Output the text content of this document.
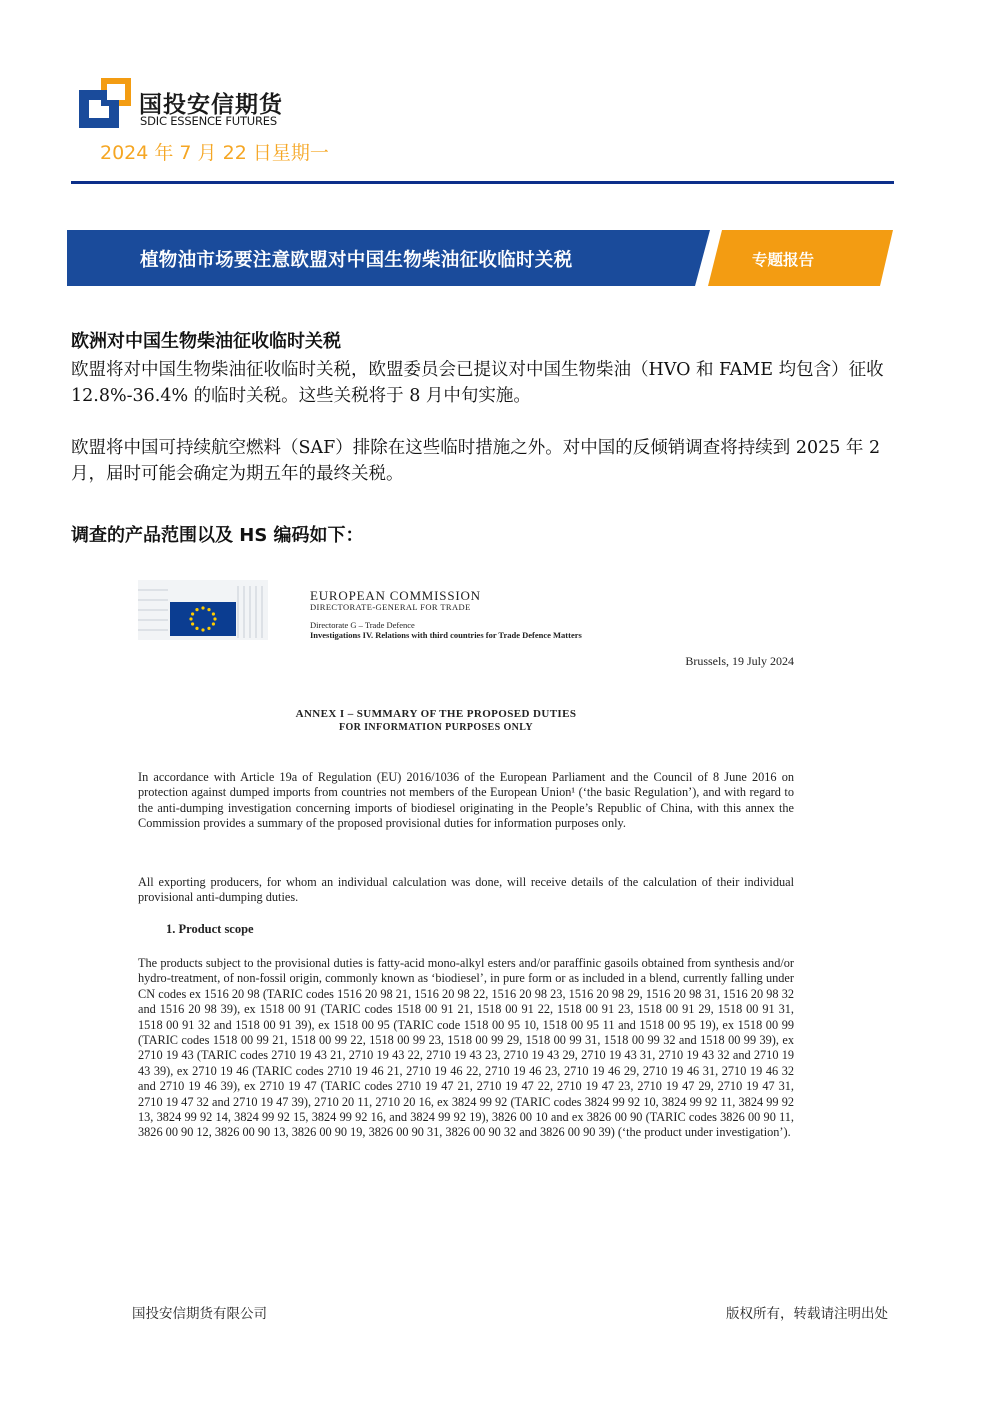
国投安信期货
SDIC ESSENCE FUTURES
2024 年 7 月 22 日星期一
植物油市场要注意欧盟对中国生物柴油征收临时关税	专题报告
欧洲对中国生物柴油征收临时关税
欧盟将对中国生物柴油征收临时关税，欧盟委员会已提议对中国生物柴油（HVO 和 FAME 均包含）征收 12.8%-36.4% 的临时关税。这些关税将于 8 月中旬实施。
欧盟将中国可持续航空燃料（SAF）排除在这些临时措施之外。对中国的反倾销调查将持续到 2025 年 2 月，届时可能会确定为期五年的最终关税。
调查的产品范围以及 HS 编码如下：
EUROPEAN COMMISSION
DIRECTORATE-GENERAL FOR TRADE
Directorate G – Trade Defence
Investigations IV. Relations with third countries for Trade Defence Matters
Brussels, 19 July 2024
ANNEX I – SUMMARY OF THE PROPOSED DUTIES
FOR INFORMATION PURPOSES ONLY
In accordance with Article 19a of Regulation (EU) 2016/1036 of the European Parliament and the Council of 8 June 2016 on protection against dumped imports from countries not members of the European Union¹ (‘the basic Regulation’), and with regard to the anti-dumping investigation concerning imports of biodiesel originating in the People’s Republic of China, with this annex the Commission provides a summary of the proposed provisional duties for information purposes only.
All exporting producers, for whom an individual calculation was done, will receive details of the calculation of their individual provisional anti-dumping duties.
1. Product scope
The products subject to the provisional duties is fatty-acid mono-alkyl esters and/or paraffinic gasoils obtained from synthesis and/or hydro-treatment, of non-fossil origin, commonly known as ‘biodiesel’, in pure form or as included in a blend, currently falling under CN codes ex 1516 20 98 (TARIC codes 1516 20 98 21, 1516 20 98 22, 1516 20 98 23, 1516 20 98 29, 1516 20 98 31, 1516 20 98 32 and 1516 20 98 39), ex 1518 00 91 (TARIC codes 1518 00 91 21, 1518 00 91 22, 1518 00 91 23, 1518 00 91 29, 1518 00 91 31, 1518 00 91 32 and 1518 00 91 39), ex 1518 00 95 (TARIC code 1518 00 95 10, 1518 00 95 11 and 1518 00 95 19), ex 1518 00 99 (TARIC codes 1518 00 99 21, 1518 00 99 22, 1518 00 99 23, 1518 00 99 29, 1518 00 99 31, 1518 00 99 32 and 1518 00 99 39), ex 2710 19 43 (TARIC codes 2710 19 43 21, 2710 19 43 22, 2710 19 43 23, 2710 19 43 29, 2710 19 43 31, 2710 19 43 32 and 2710 19 43 39), ex 2710 19 46 (TARIC codes 2710 19 46 21, 2710 19 46 22, 2710 19 46 23, 2710 19 46 29, 2710 19 46 31, 2710 19 46 32 and 2710 19 46 39), ex 2710 19 47 (TARIC codes 2710 19 47 21, 2710 19 47 22, 2710 19 47 23, 2710 19 47 29, 2710 19 47 31, 2710 19 47 32 and 2710 19 47 39), 2710 20 11, 2710 20 16, ex 3824 99 92 (TARIC codes 3824 99 92 10, 3824 99 92 11, 3824 99 92 13, 3824 99 92 14, 3824 99 92 15, 3824 99 92 16, and 3824 99 92 19), 3826 00 10 and ex 3826 00 90 (TARIC codes 3826 00 90 11, 3826 00 90 12, 3826 00 90 13, 3826 00 90 19, 3826 00 90 31, 3826 00 90 32 and 3826 00 90 39) (‘the product under investigation’).
国投安信期货有限公司	版权所有，转载请注明出处
